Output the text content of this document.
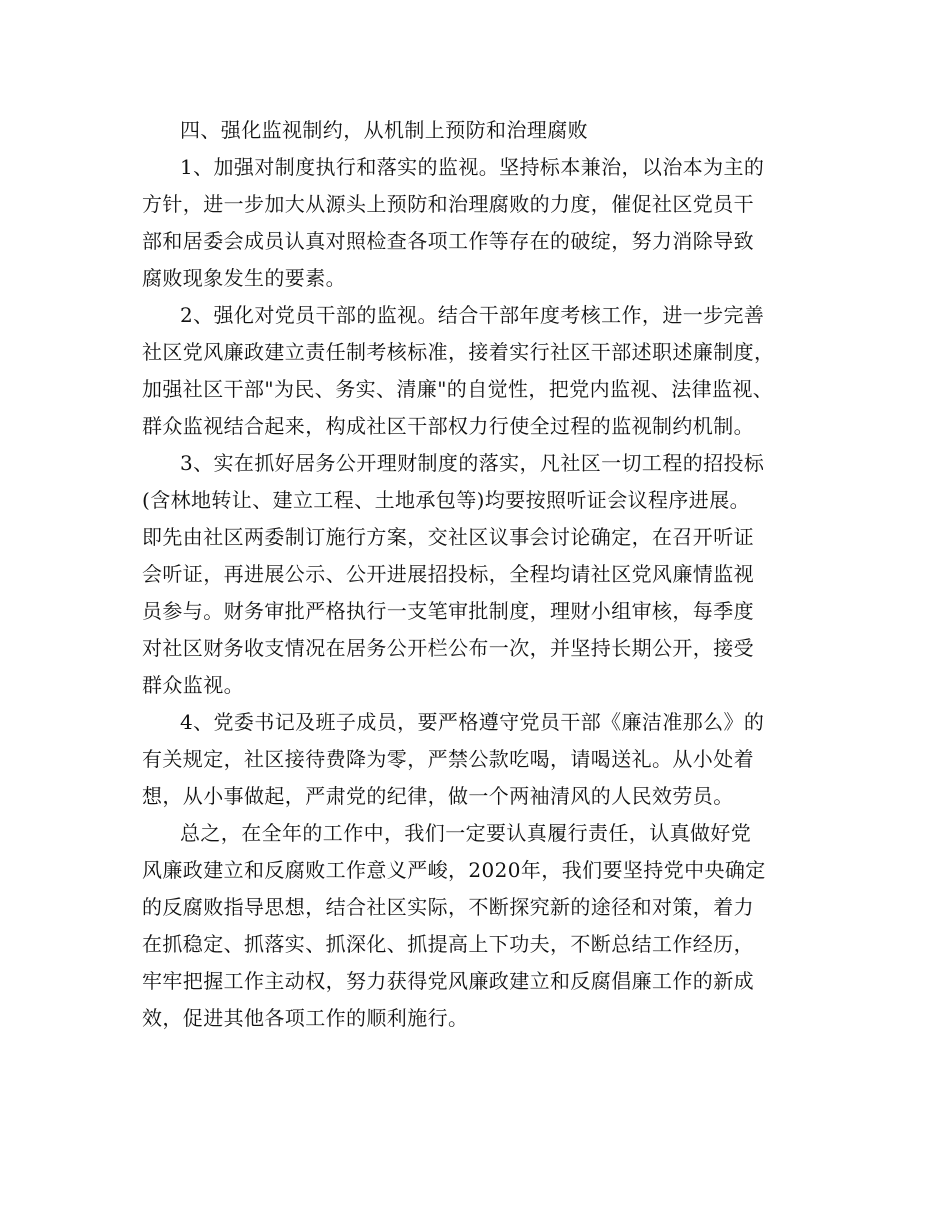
四、强化监视制约，从机制上预防和治理腐败
1、加强对制度执行和落实的监视。坚持标本兼治，以治本为主的
方针，进一步加大从源头上预防和治理腐败的力度，催促社区党员干
部和居委会成员认真对照检查各项工作等存在的破绽，努力消除导致
腐败现象发生的要素。
2、强化对党员干部的监视。结合干部年度考核工作，进一步完善
社区党风廉政建立责任制考核标准，接着实行社区干部述职述廉制度，
加强社区干部"为民、务实、清廉"的自觉性，把党内监视、法律监视、
群众监视结合起来，构成社区干部权力行使全过程的监视制约机制。
3、实在抓好居务公开理财制度的落实，凡社区一切工程的招投标
(含林地转让、建立工程、土地承包等)均要按照听证会议程序进展。
即先由社区两委制订施行方案，交社区议事会讨论确定，在召开听证
会听证，再进展公示、公开进展招投标，全程均请社区党风廉情监视
员参与。财务审批严格执行一支笔审批制度，理财小组审核，每季度
对社区财务收支情况在居务公开栏公布一次，并坚持长期公开，接受
群众监视。
4、党委书记及班子成员，要严格遵守党员干部《廉洁准那么》的
有关规定，社区接待费降为零，严禁公款吃喝，请喝送礼。从小处着
想，从小事做起，严肃党的纪律，做一个两袖清风的人民效劳员。
总之，在全年的工作中，我们一定要认真履行责任，认真做好党
风廉政建立和反腐败工作意义严峻，2020年，我们要坚持党中央确定
的反腐败指导思想，结合社区实际，不断探究新的途径和对策，着力
在抓稳定、抓落实、抓深化、抓提高上下功夫，不断总结工作经历，
牢牢把握工作主动权，努力获得党风廉政建立和反腐倡廉工作的新成
效，促进其他各项工作的顺利施行。
